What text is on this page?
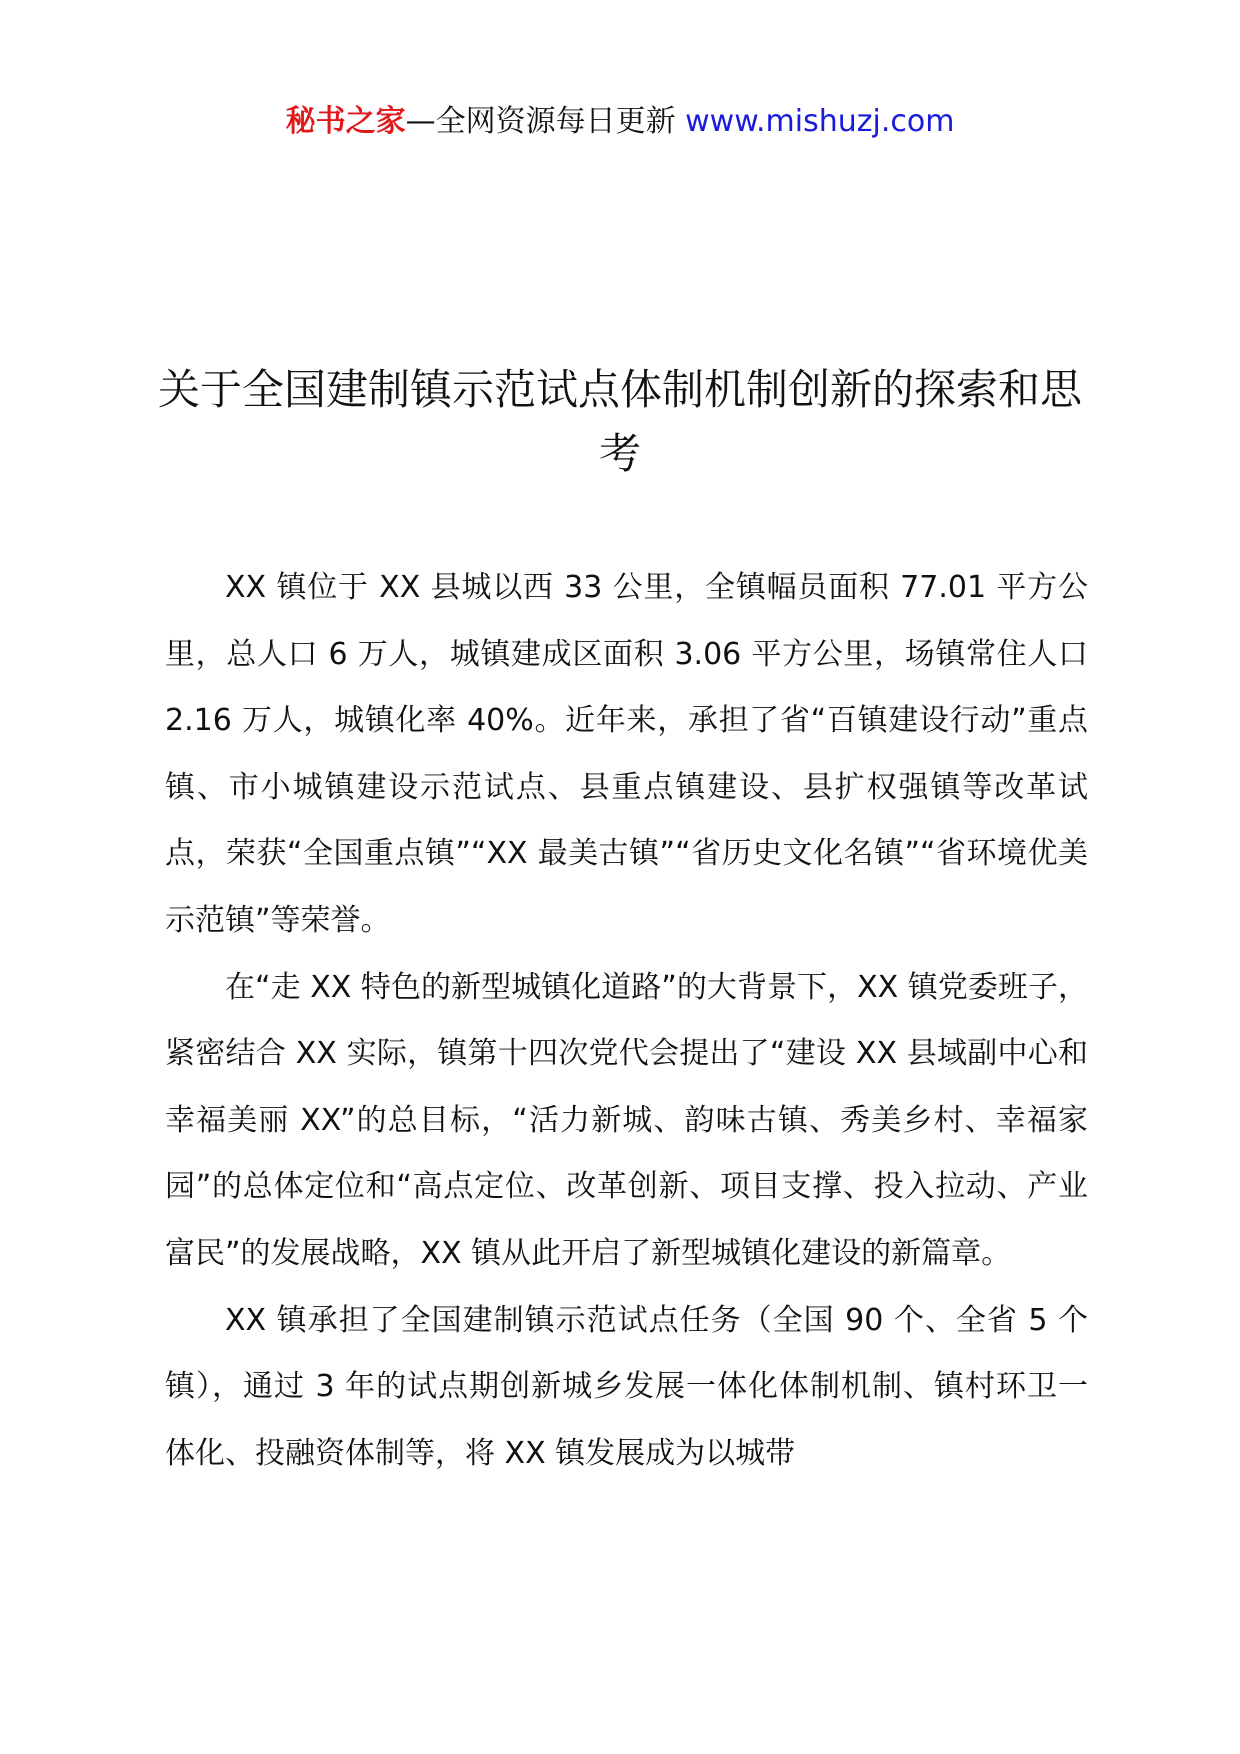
秘书之家—全网资源每日更新 www.mishuzj.com
关于全国建制镇示范试点体制机制创新的探索和思考

XX 镇位于 XX 县城以西 33 公里，全镇幅员面积 77.01 平方公里，总人口 6 万人，城镇建成区面积 3.06 平方公里，场镇常住人口 2.16 万人，城镇化率 40%。近年来，承担了省“百镇建设行动”重点镇、市小城镇建设示范试点、县重点镇建设、县扩权强镇等改革试点，荣获“全国重点镇”“XX 最美古镇”“省历史文化名镇”“省环境优美示范镇”等荣誉。

在“走 XX 特色的新型城镇化道路”的大背景下，XX 镇党委班子，紧密结合 XX 实际，镇第十四次党代会提出了“建设 XX 县域副中心和幸福美丽 XX”的总目标，“活力新城、韵味古镇、秀美乡村、幸福家园”的总体定位和“高点定位、改革创新、项目支撑、投入拉动、产业富民”的发展战略，XX 镇从此开启了新型城镇化建设的新篇章。

XX 镇承担了全国建制镇示范试点任务（全国 90 个、全省 5 个镇），通过 3 年的试点期创新城乡发展一体化体制机制、镇村环卫一体化、投融资体制等，将 XX 镇发展成为以城带
